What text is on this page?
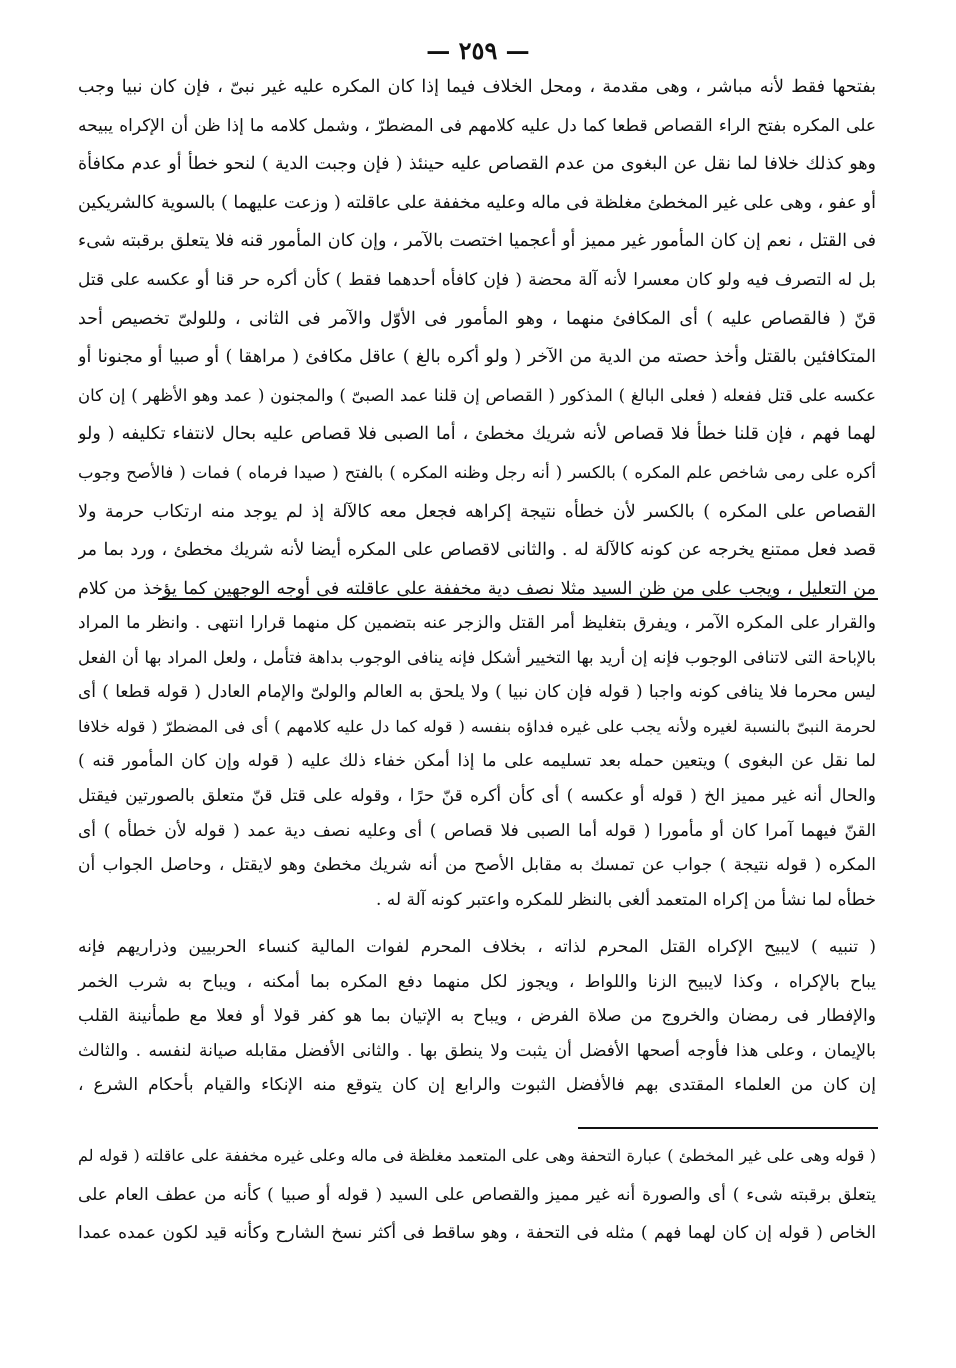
— ٢٥٩ —
بفتحها فقط لأنه مباشر ، وهى مقدمة ، ومحل الخلاف فيما إذا كان المكره عليه غير نبىّ ، فإن كان نبيا وجب
على المكره بفتح الراء القصاص قطعا كما دل عليه كلامهم فى المضطرّ ، وشمل كلامه ما إذا ظن أن الإكراه يبيحه
وهو كذلك خلافا لما نقل عن البغوى من عدم القصاص عليه حينئذ ( فإن وجبت الدية ) لنحو خطأ أو عدم مكافأة
أو عفو ، وهى على غير المخطئ مغلظة فى ماله وعليه مخففة على عاقلته ( وزعت عليهما ) بالسوية كالشريكين
فى القتل ، نعم إن كان المأمور غير مميز أو أعجميا اختصت بالآمر ، وإن كان المأمور قنه فلا يتعلق برقبته شىء
بل له التصرف فيه ولو كان معسرا لأنه آلة محضة ( فإن كافأه أحدهما فقط ) كأن أكره حر قنا أو عكسه على قتل
قنّ ( فالقصاص عليه ) أى المكافئ منهما ، وهو المأمور فى الأوّل والآمر فى الثانى ، وللولىّ تخصيص أحد
المتكافئين بالقتل وأخذ حصته من الدية من الآخر ( ولو أكره بالغ ) عاقل مكافئ ( مراهقا ) أو صبيا أو مجنونا أو
عكسه على قتل ففعله ( فعلى البالغ ) المذكور ( القصاص إن قلنا عمد الصبىّ ) والمجنون ( عمد وهو الأظهر ) إن كان
لهما فهم ، فإن قلنا خطأ فلا قصاص لأنه شريك مخطئ ، أما الصبى فلا قصاص عليه بحال لانتفاء تكليفه ( ولو
أكره على رمى شاخص علم المكره ) بالكسر ( أنه رجل وظنه المكره ) بالفتح ( صيدا فرماه ) فمات ( فالأصح وجوب
القصاص على المكره ) بالكسر لأن خطأه نتيجة إكراهه فجعل معه كالآلة إذ لم يوجد منه ارتكاب حرمة ولا
قصد فعل ممتنع يخرجه عن كونه كالآلة له . والثانى لاقصاص على المكره أيضا لأنه شريك مخطئ ، ورد بما مر
من التعليل ، ويجب على من ظن السيد مثلا نصف دية مخففة على عاقلته فى أوجه الوجهين كما يؤخذ من كلام
والقرار على المكره الآمر ، ويفرق بتغليظ أمر القتل والزجر عنه بتضمين كل منهما قرارا انتهى . وانظر ما المراد
بالإباحة التى لاتنافى الوجوب فإنه إن أريد بها التخيير أشكل فإنه ينافى الوجوب بداهة فتأمل ، ولعل المراد بها أن الفعل
ليس محرما فلا ينافى كونه واجبا ( قوله فإن كان نبيا ) ولا يلحق به العالم والولىّ والإمام العادل ( قوله قطعا ) أى
لحرمة النبىّ بالنسبة لغيره ولأنه يجب على غيره فداؤه بنفسه ( قوله كما دل عليه كلامهم ) أى فى المضطرّ ( قوله خلافا
لما نقل عن البغوى ) ويتعين حمله بعد تسليمه على ما إذا أمكن خفاء ذلك عليه ( قوله وإن كان المأمور قنه )
والحال أنه غير مميز الخ ( قوله أو عكسه ) أى كأن أكره قنّ حرًا ، وقوله على قتل قنّ متعلق بالصورتين فيقتل
القنّ فيهما آمرا كان أو مأمورا ( قوله أما الصبى فلا قصاص ) أى وعليه نصف دية عمد ( قوله لأن خطأه ) أى
المكره ( قوله نتيجة ) جواب عن تمسك به مقابل الأصح من أنه شريك مخطئ وهو لايقتل ، وحاصل الجواب أن
خطأه لما نشأ من إكراه المتعمد ألغى بالنظر للمكره واعتبر كونه آلة له .
( تنبيه ) لايبيح الإكراه القتل المحرم لذاته ، بخلاف المحرم لفوات المالية كنساء الحربيين وذراريهم فإنه
يباح بالإكراه ، وكذا لايبيح الزنا واللواط ، ويجوز لكل منهما دفع المكره بما أمكنه ، ويباح به شرب الخمر
والإفطار فى رمضان والخروج من صلاة الفرض ، ويباح به الإتيان بما هو كفر قولا أو فعلا مع طمأنينة القلب
بالإيمان ، وعلى هذا فأوجه أصحها الأفضل أن يثبت ولا ينطق بها . والثانى الأفضل مقابله صيانة لنفسه . والثالث
إن كان من العلماء المقتدى بهم فالأفضل الثبوت والرابع إن كان يتوقع منه الإنكاء والقيام بأحكام الشرع ،
( قوله وهى على غير المخطئ ) عبارة التحفة وهى على المتعمد مغلظة فى ماله وعلى غيره مخففة على عاقلته ( قوله لم
يتعلق برقبته شىء ) أى والصورة أنه غير مميز والقصاص على السيد ( قوله أو صبيا ) كأنه من عطف العام على
الخاص ( قوله إن كان لهما فهم ) مثله فى التحفة ، وهو ساقط فى أكثر نسخ الشارح وكأنه قيد لكون عمده عمدا
